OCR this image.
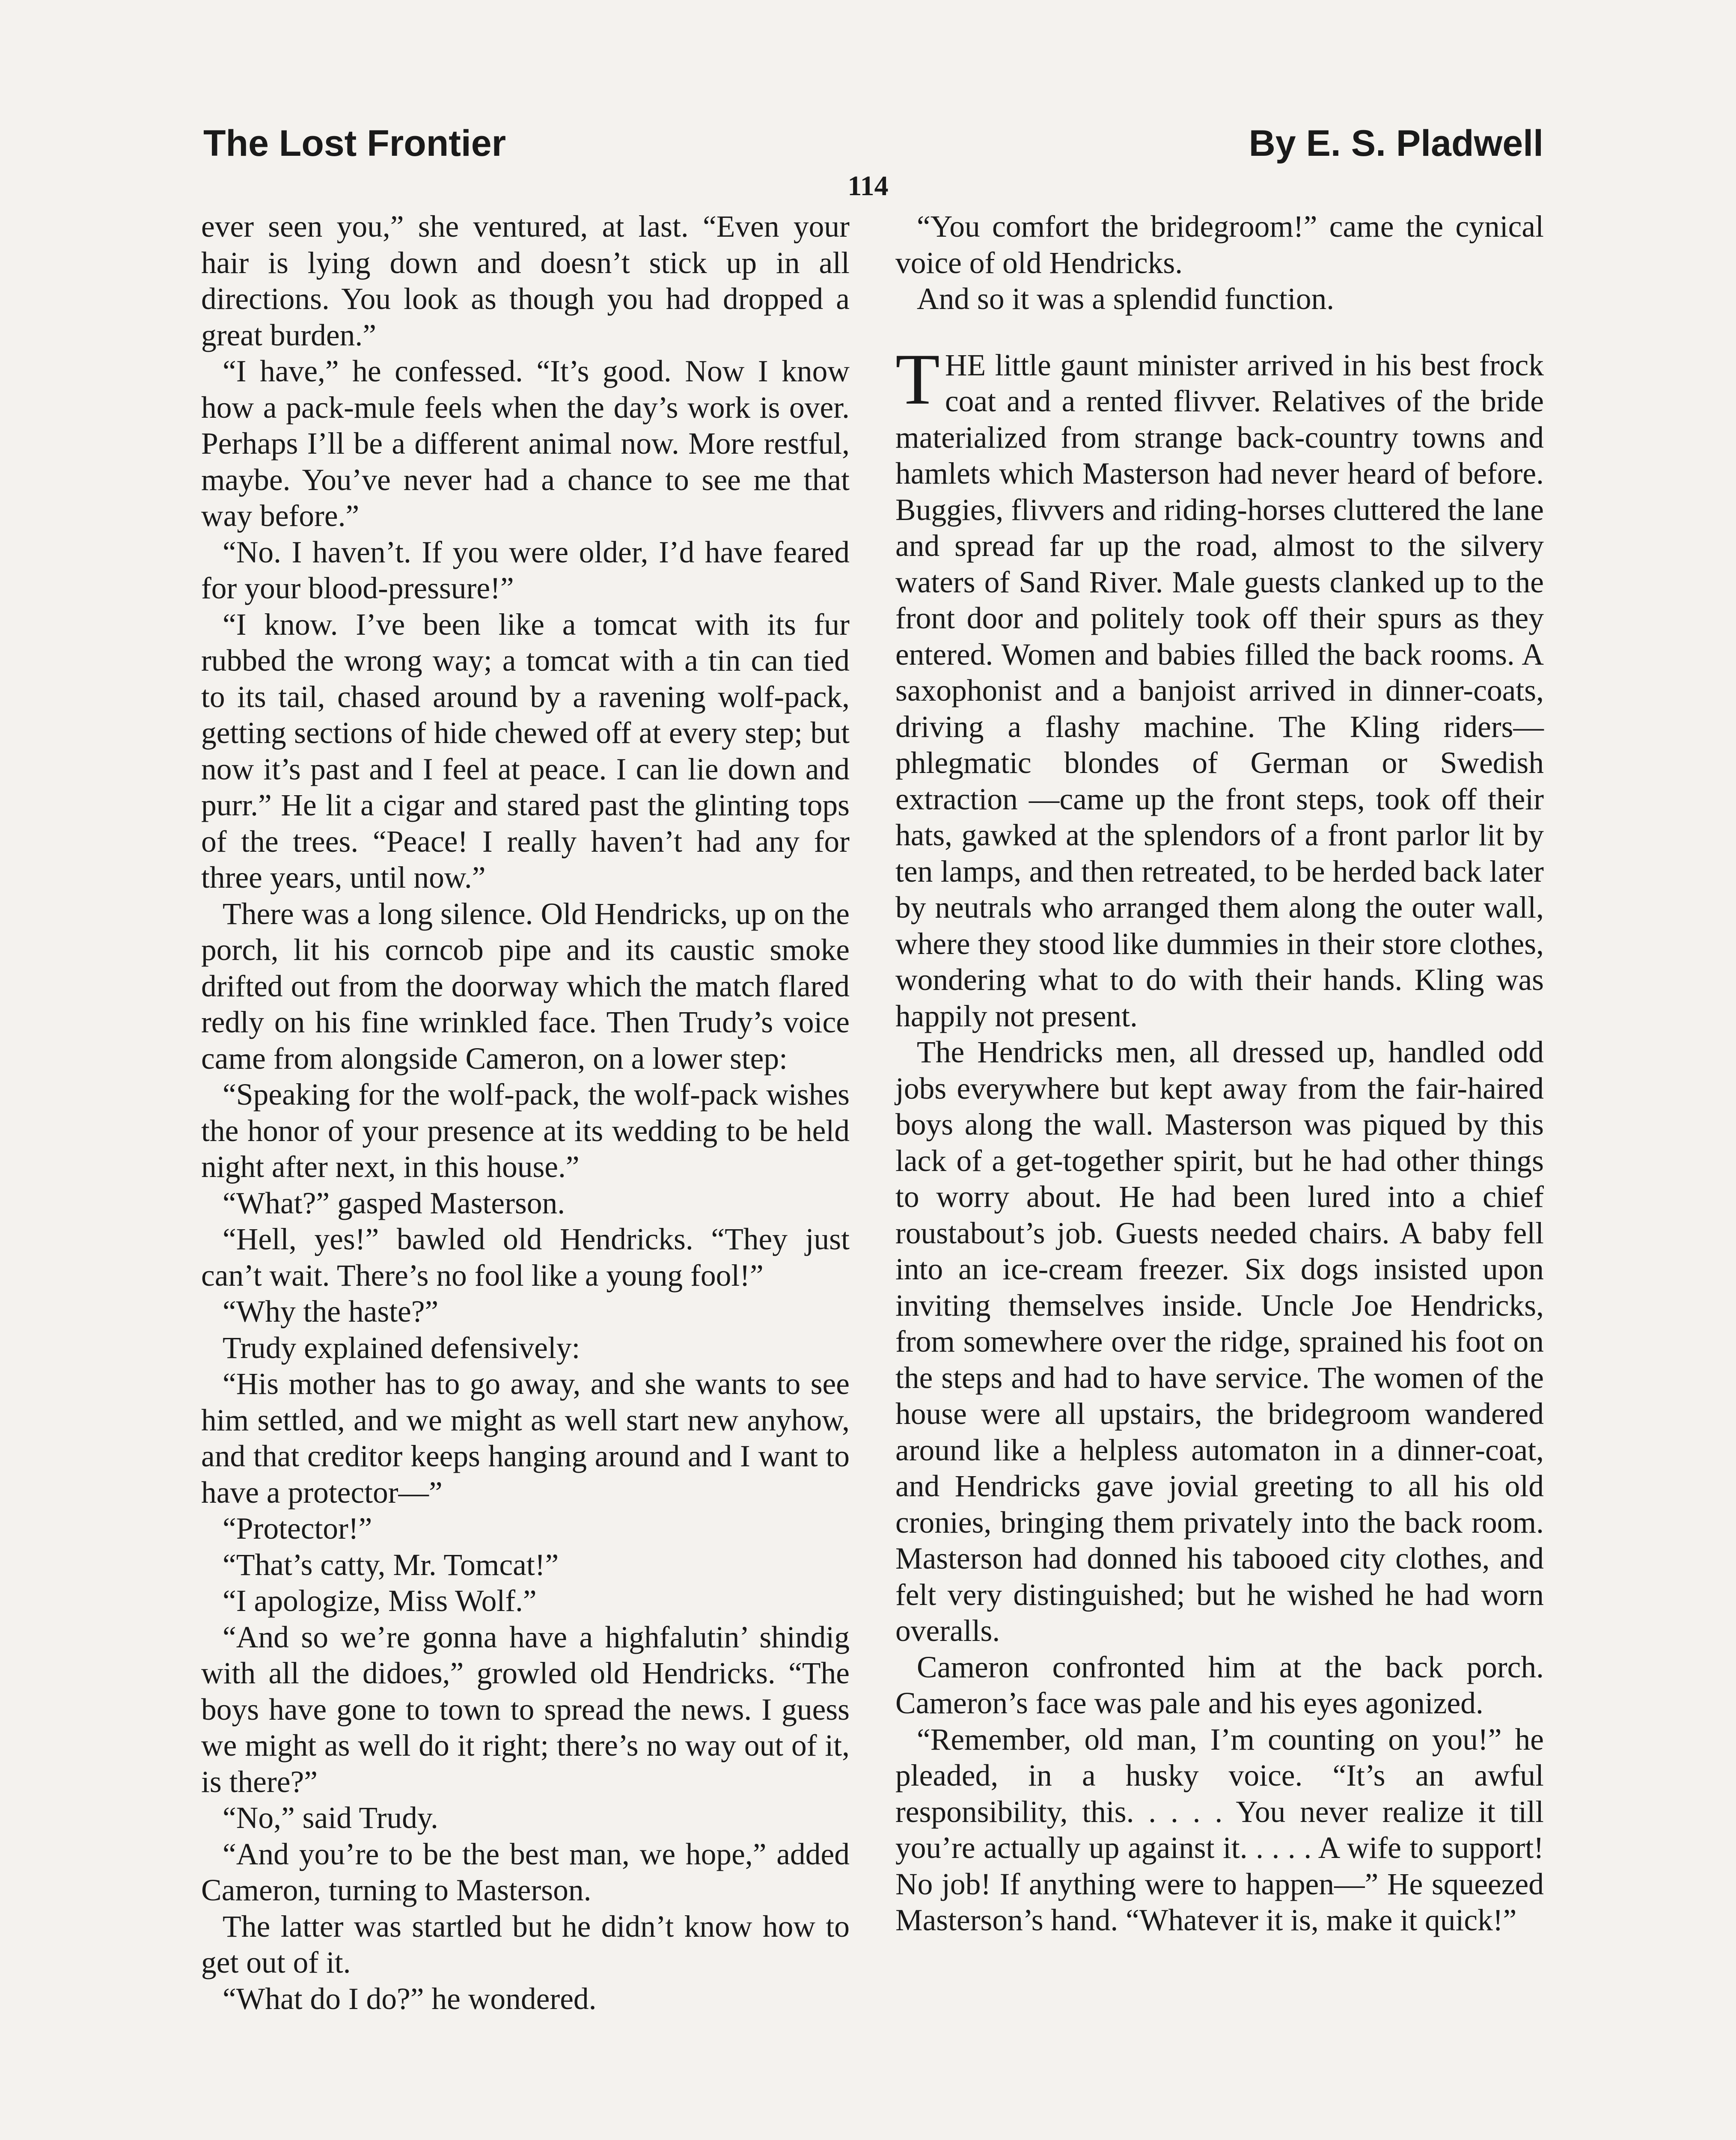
The Lost Frontier	By E. S. Pladwell
114

ever seen you,” she ventured, at last. “Even your hair is lying down and doesn’t stick up in all directions. You look as though you had dropped a great burden.”

“I have,” he confessed. “It’s good. Now I know how a pack-mule feels when the day’s work is over. Perhaps I’ll be a different animal now. More restful, maybe. You’ve never had a chance to see me that way before.”

“No. I haven’t. If you were older, I’d have feared for your blood-pressure!”

“I know. I’ve been like a tomcat with its fur rubbed the wrong way; a tomcat with a tin can tied to its tail, chased around by a ravening wolf-pack, getting sections of hide chewed off at every step; but now it’s past and I feel at peace. I can lie down and purr.” He lit a cigar and stared past the glinting tops of the trees. “Peace! I really haven’t had any for three years, until now.”

There was a long silence. Old Hendricks, up on the porch, lit his corncob pipe and its caustic smoke drifted out from the doorway which the match flared redly on his fine wrinkled face. Then Trudy’s voice came from alongside Cameron, on a lower step:

“Speaking for the wolf-pack, the wolf-pack wishes the honor of your presence at its wedding to be held night after next, in this house.”

“What?” gasped Masterson.

“Hell, yes!” bawled old Hendricks. “They just can’t wait. There’s no fool like a young fool!”

“Why the haste?”

Trudy explained defensively:

“His mother has to go away, and she wants to see him settled, and we might as well start new anyhow, and that creditor keeps hanging around and I want to have a protector—”

“Protector!”

“That’s catty, Mr. Tomcat!”

“I apologize, Miss Wolf.”

“And so we’re gonna have a highfalutin’ shindig with all the didoes,” growled old Hendricks. “The boys have gone to town to spread the news. I guess we might as well do it right; there’s no way out of it, is there?”

“No,” said Trudy.

“And you’re to be the best man, we hope,” added Cameron, turning to Masterson.

The latter was startled but he didn’t know how to get out of it.

“What do I do?” he wondered.

“You comfort the bridegroom!” came the cynical voice of old Hendricks.

And so it was a splendid function.

THE little gaunt minister arrived in his best frock coat and a rented flivver. Relatives of the bride materialized from strange back-country towns and hamlets which Masterson had never heard of before. Buggies, flivvers and riding-horses cluttered the lane and spread far up the road, almost to the silvery waters of Sand River. Male guests clanked up to the front door and politely took off their spurs as they entered. Women and babies filled the back rooms. A saxophonist and a banjoist arrived in dinner-coats, driving a flashy machine. The Kling riders—phlegmatic blondes of German or Swedish extraction —came up the front steps, took off their hats, gawked at the splendors of a front parlor lit by ten lamps, and then retreated, to be herded back later by neutrals who arranged them along the outer wall, where they stood like dummies in their store clothes, wondering what to do with their hands. Kling was happily not present.

The Hendricks men, all dressed up, handled odd jobs everywhere but kept away from the fair-haired boys along the wall. Masterson was piqued by this lack of a get-together spirit, but he had other things to worry about. He had been lured into a chief roustabout’s job. Guests needed chairs. A baby fell into an ice-cream freezer. Six dogs insisted upon inviting themselves inside. Uncle Joe Hendricks, from somewhere over the ridge, sprained his foot on the steps and had to have service. The women of the house were all upstairs, the bridegroom wandered around like a helpless automaton in a dinner-coat, and Hendricks gave jovial greeting to all his old cronies, bringing them privately into the back room. Masterson had donned his tabooed city clothes, and felt very distinguished; but he wished he had worn overalls.

Cameron confronted him at the back porch. Cameron’s face was pale and his eyes agonized.

“Remember, old man, I’m counting on you!” he pleaded, in a husky voice. “It’s an awful responsibility, this. . . . . You never realize it till you’re actually up against it. . . . . A wife to support! No job! If anything were to happen—” He squeezed Masterson’s hand. “Whatever it is, make it quick!”
